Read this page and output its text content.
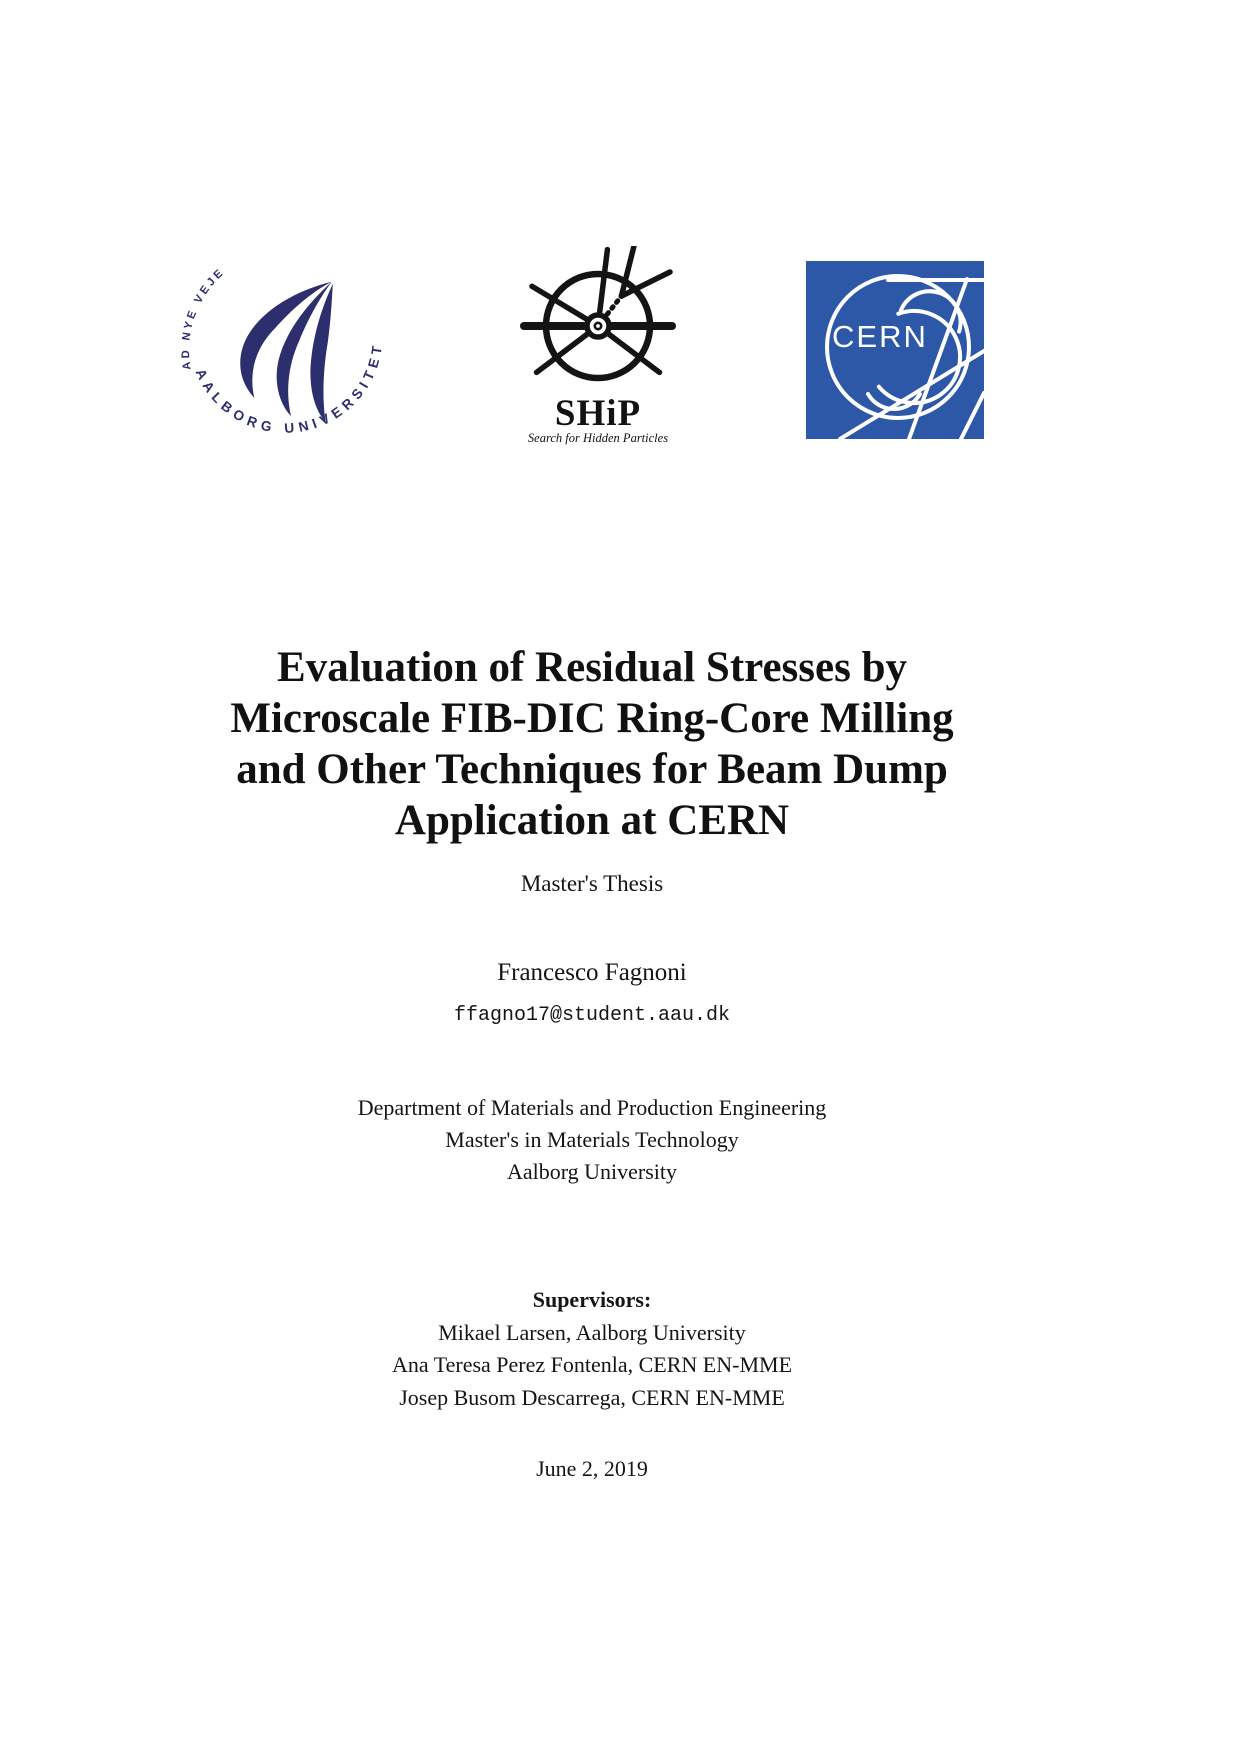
AD NYE VEJE
AALBORG UNIVERSITET
SHiP
Search for Hidden Particles
CERN
Evaluation of Residual Stresses by
Microscale FIB-DIC Ring-Core Milling
and Other Techniques for Beam Dump
Application at CERN
Master's Thesis
Francesco Fagnoni
ffagno17@student.aau.dk
Department of Materials and Production Engineering
Master's in Materials Technology
Aalborg University
Supervisors:
Mikael Larsen, Aalborg University
Ana Teresa Perez Fontenla, CERN EN-MME
Josep Busom Descarrega, CERN EN-MME
June 2, 2019
